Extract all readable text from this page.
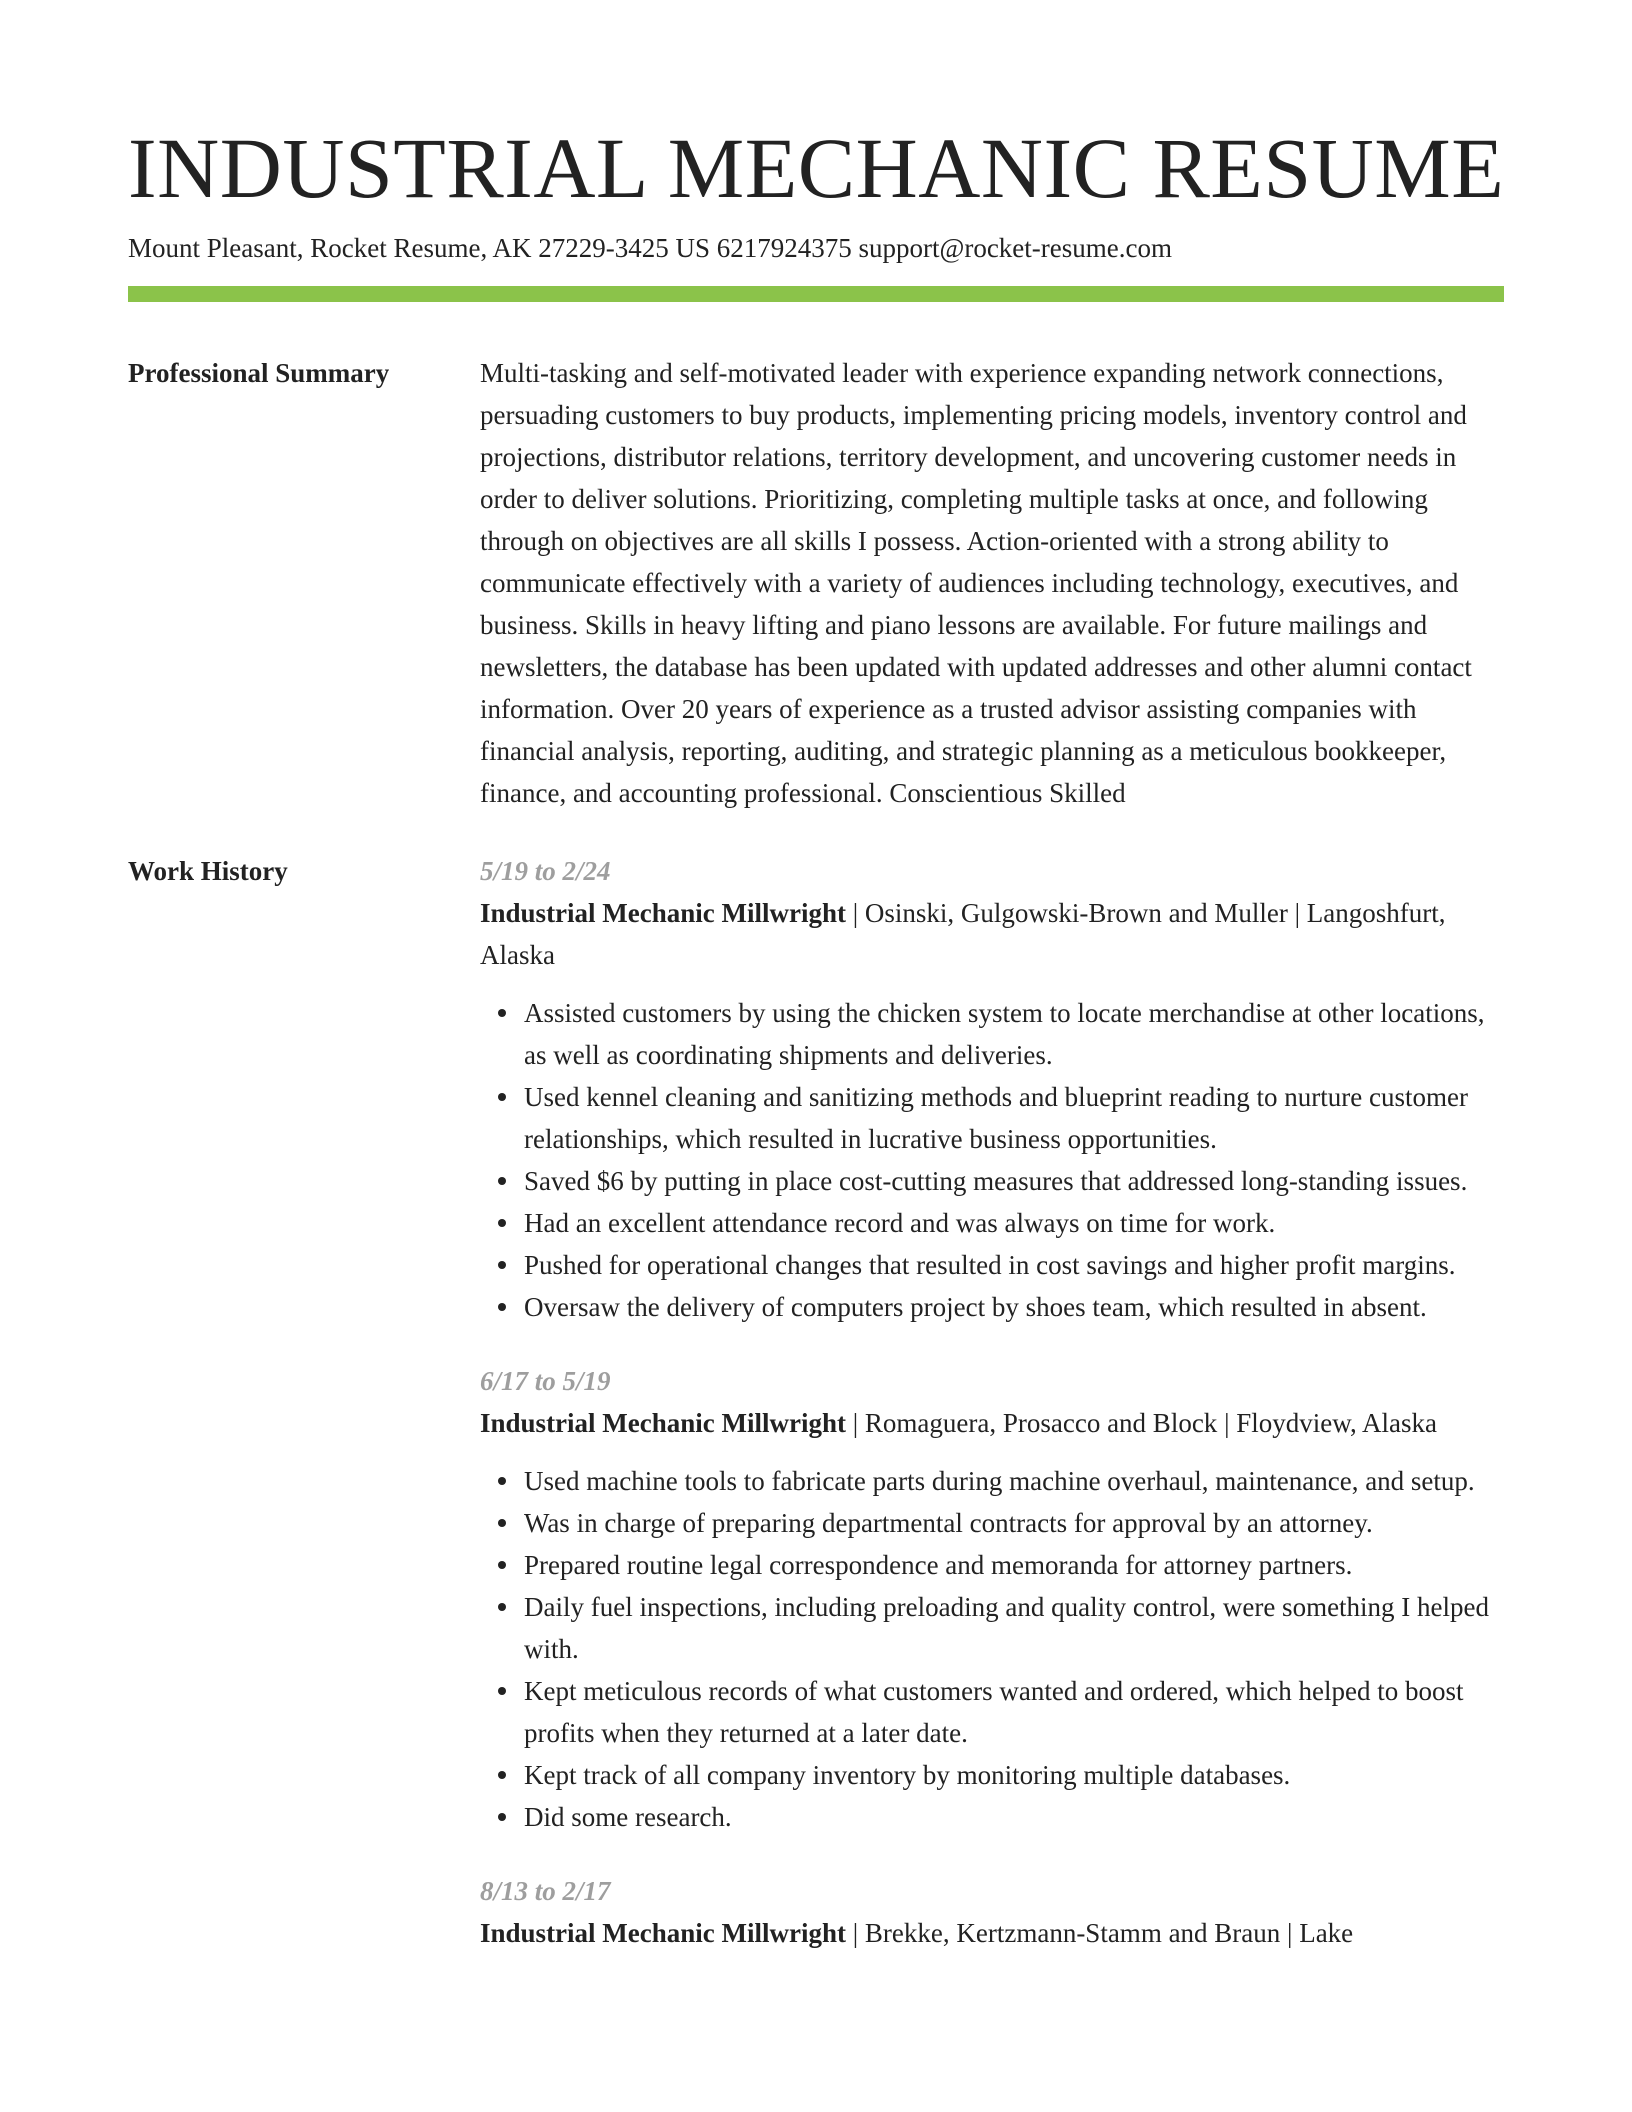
INDUSTRIAL MECHANIC RESUME
Mount Pleasant, Rocket Resume, AK 27229-3425 US 6217924375 support@rocket-resume.com
Professional Summary	Multi-tasking and self-motivated leader with experience expanding network connections, persuading customers to buy products, implementing pricing models, inventory control and projections, distributor relations, territory development, and uncovering customer needs in order to deliver solutions. Prioritizing, completing multiple tasks at once, and following through on objectives are all skills I possess. Action-oriented with a strong ability to communicate effectively with a variety of audiences including technology, executives, and business. Skills in heavy lifting and piano lessons are available. For future mailings and newsletters, the database has been updated with updated addresses and other alumni contact information. Over 20 years of experience as a trusted advisor assisting companies with financial analysis, reporting, auditing, and strategic planning as a meticulous bookkeeper, finance, and accounting professional. Conscientious Skilled

Work History	5/19 to 2/24
Industrial Mechanic Millwright | Osinski, Gulgowski-Brown and Muller | Langoshfurt, Alaska
Assisted customers by using the chicken system to locate merchandise at other locations, as well as coordinating shipments and deliveries.
Used kennel cleaning and sanitizing methods and blueprint reading to nurture customer relationships, which resulted in lucrative business opportunities.
Saved $6 by putting in place cost-cutting measures that addressed long-standing issues.
Had an excellent attendance record and was always on time for work.
Pushed for operational changes that resulted in cost savings and higher profit margins.
Oversaw the delivery of computers project by shoes team, which resulted in absent.
6/17 to 5/19
Industrial Mechanic Millwright | Romaguera, Prosacco and Block | Floydview, Alaska
Used machine tools to fabricate parts during machine overhaul, maintenance, and setup.
Was in charge of preparing departmental contracts for approval by an attorney.
Prepared routine legal correspondence and memoranda for attorney partners.
Daily fuel inspections, including preloading and quality control, were something I helped with.
Kept meticulous records of what customers wanted and ordered, which helped to boost profits when they returned at a later date.
Kept track of all company inventory by monitoring multiple databases.
Did some research.
8/13 to 2/17
Industrial Mechanic Millwright | Brekke, Kertzmann-Stamm and Braun | Lake
